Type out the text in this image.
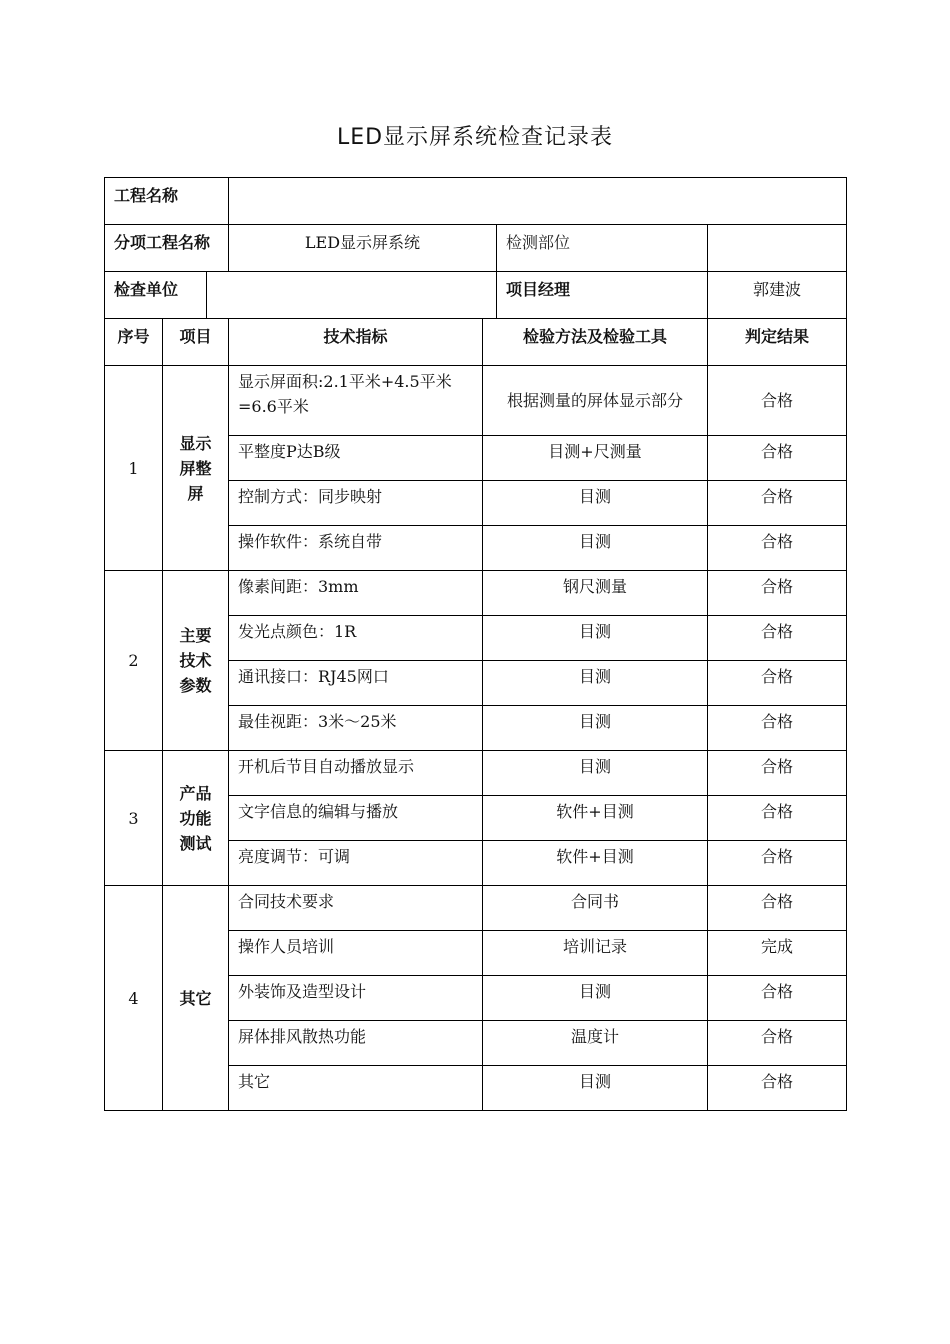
LED显示屏系统检查记录表
工程名称						
分项工程名称			LED显示屏系统		检测部位	
检查单位					项目经理	郭建波
序号	项目		技术指标	检验方法及检验工具		判定结果
1	显示屏整屏		显示屏面积:2.1平米+4.5平米=6.6平米	根据测量的屏体显示部分		合格
			平整度P达B级	目测+尺测量		合格
			控制方式：同步映射	目测		合格
			操作软件：系统自带	目测		合格
2	主要技术参数		像素间距：3mm	钢尺测量		合格
			发光点颜色：1R	目测		合格
			通讯接口：RJ45网口	目测		合格
			最佳视距：3米～25米	目测		合格
3	产品功能测试		开机后节目自动播放显示	目测		合格
			文字信息的编辑与播放	软件+目测		合格
			亮度调节：可调	软件+目测		合格
4	其它		合同技术要求	合同书		合格
			操作人员培训	培训记录		完成
			外装饰及造型设计	目测		合格
			屏体排风散热功能	温度计		合格
			其它	目测		合格
